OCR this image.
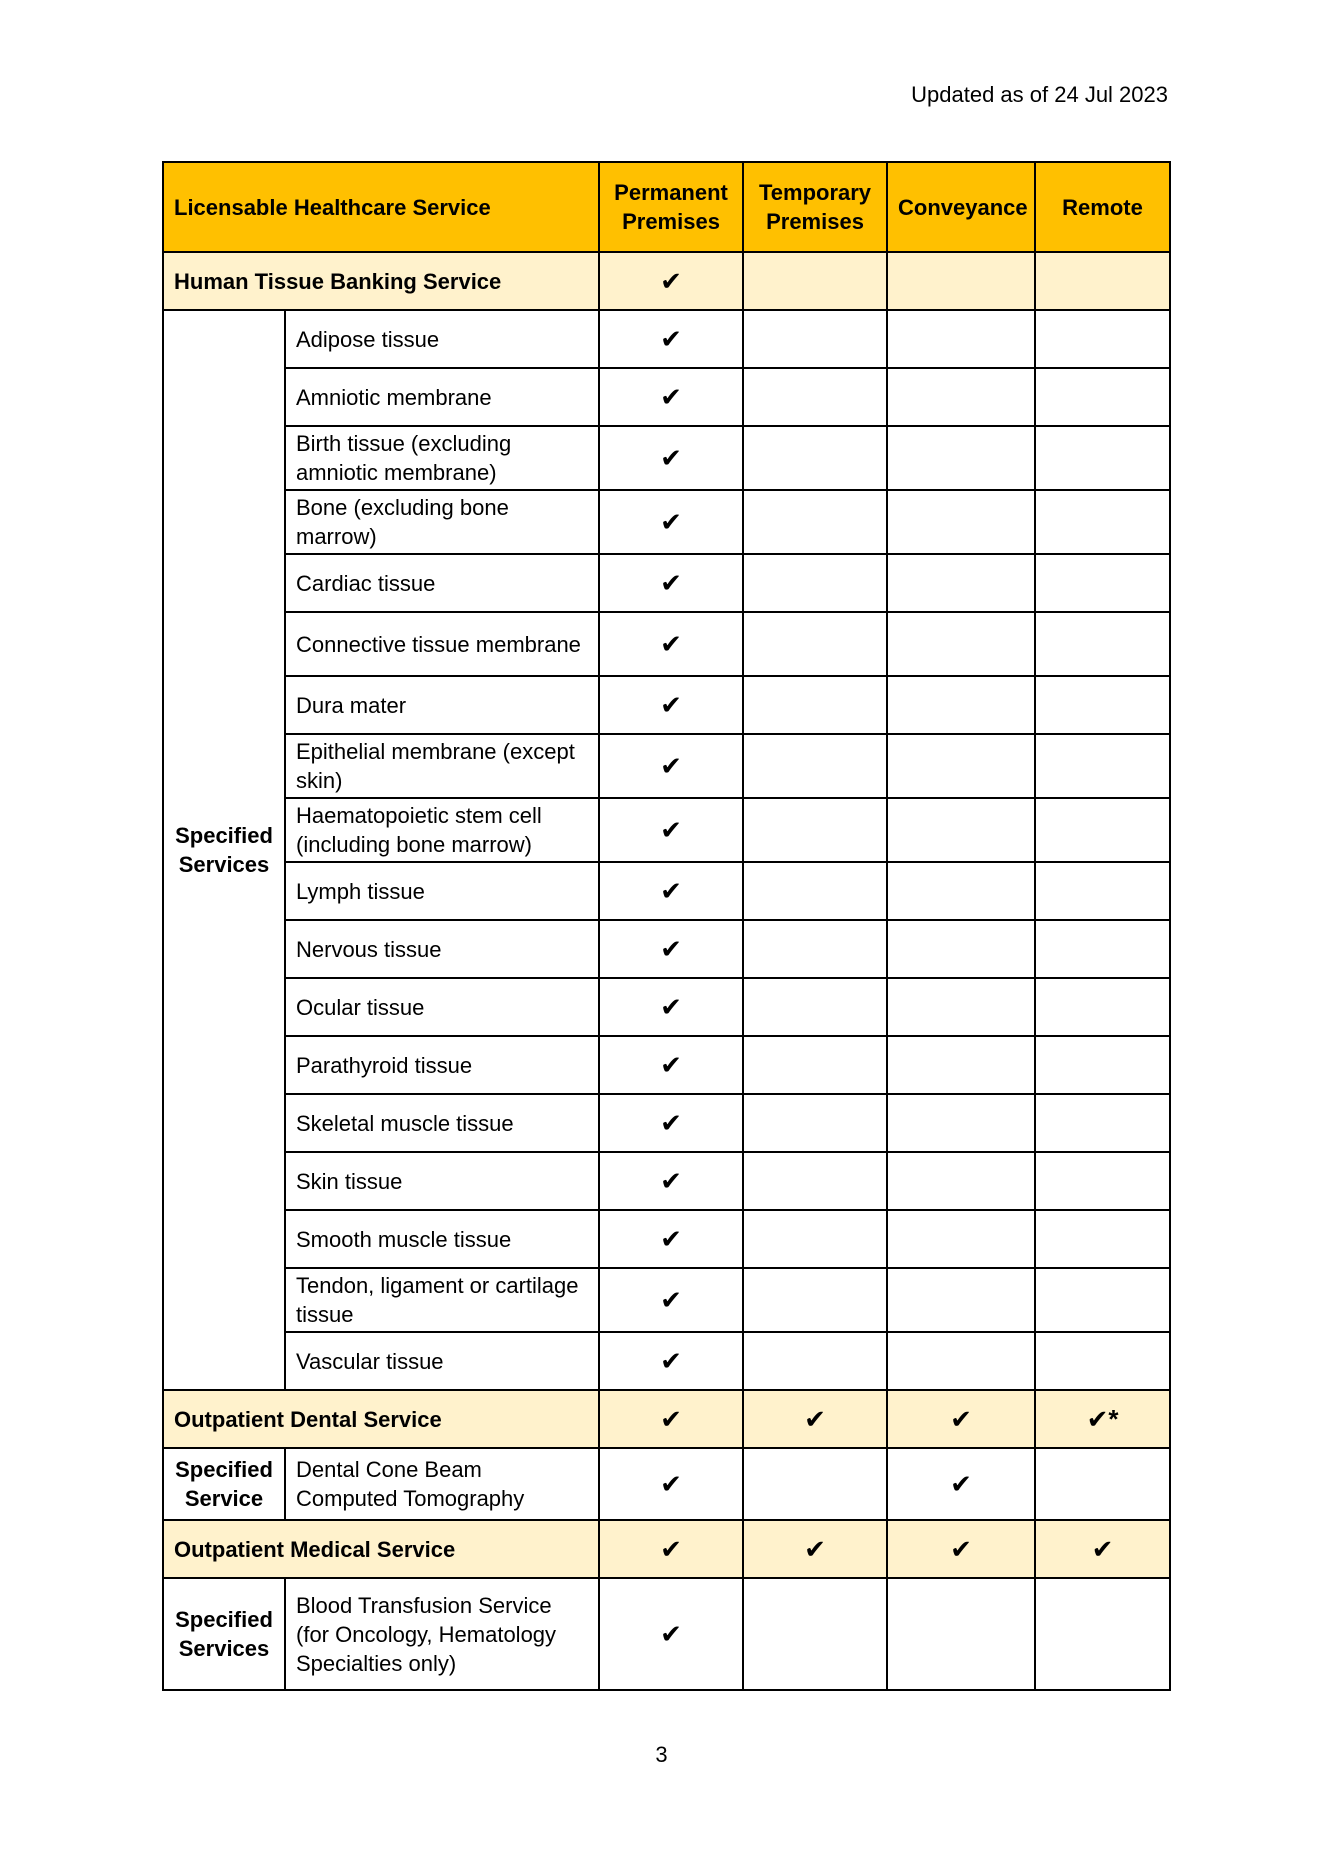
Updated as of 24 Jul 2023
Licensable Healthcare Service		Permanent Premises	Temporary Premises	Conveyance	Remote
Human Tissue Banking Service		✔			
Specified Services	Adipose tissue	✔			
	Amniotic membrane	✔			
	Birth tissue (excluding amniotic membrane)	✔			
	Bone (excluding bone marrow)	✔			
	Cardiac tissue	✔			
	Connective tissue membrane	✔			
	Dura mater	✔			
	Epithelial membrane (except skin)	✔			
	Haematopoietic stem cell (including bone marrow)	✔			
	Lymph tissue	✔			
	Nervous tissue	✔			
	Ocular tissue	✔			
	Parathyroid tissue	✔			
	Skeletal muscle tissue	✔			
	Skin tissue	✔			
	Smooth muscle tissue	✔			
	Tendon, ligament or cartilage tissue	✔			
	Vascular tissue	✔			
Outpatient Dental Service		✔	✔	✔	✔*
Specified Service	Dental Cone Beam Computed Tomography	✔		✔	
Outpatient Medical Service		✔	✔	✔	✔
Specified Services	Blood Transfusion Service (for Oncology, Hematology Specialties only)	✔			
3
